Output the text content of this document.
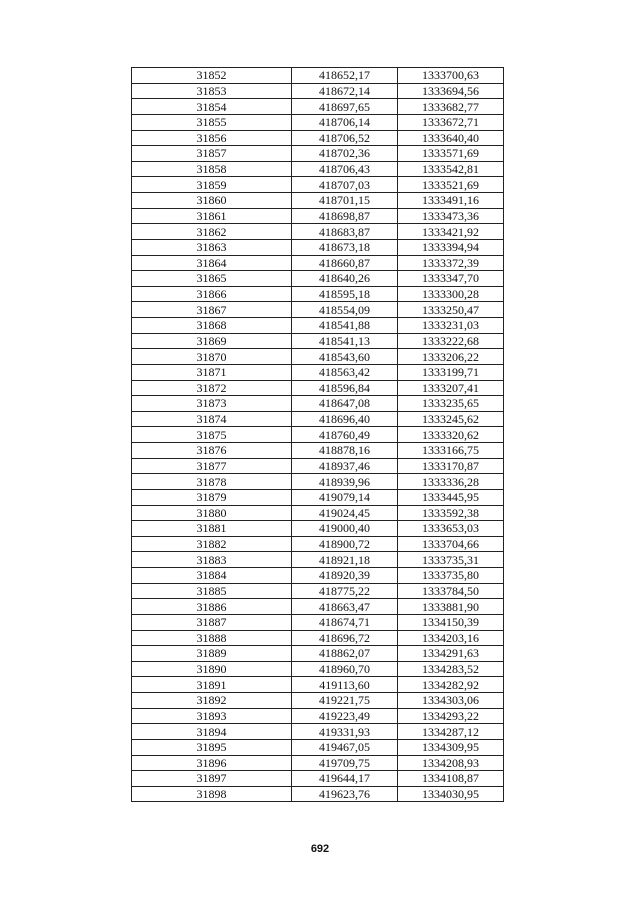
31852	418652,17	1333700,63
31853	418672,14	1333694,56
31854	418697,65	1333682,77
31855	418706,14	1333672,71
31856	418706,52	1333640,40
31857	418702,36	1333571,69
31858	418706,43	1333542,81
31859	418707,03	1333521,69
31860	418701,15	1333491,16
31861	418698,87	1333473,36
31862	418683,87	1333421,92
31863	418673,18	1333394,94
31864	418660,87	1333372,39
31865	418640,26	1333347,70
31866	418595,18	1333300,28
31867	418554,09	1333250,47
31868	418541,88	1333231,03
31869	418541,13	1333222,68
31870	418543,60	1333206,22
31871	418563,42	1333199,71
31872	418596,84	1333207,41
31873	418647,08	1333235,65
31874	418696,40	1333245,62
31875	418760,49	1333320,62
31876	418878,16	1333166,75
31877	418937,46	1333170,87
31878	418939,96	1333336,28
31879	419079,14	1333445,95
31880	419024,45	1333592,38
31881	419000,40	1333653,03
31882	418900,72	1333704,66
31883	418921,18	1333735,31
31884	418920,39	1333735,80
31885	418775,22	1333784,50
31886	418663,47	1333881,90
31887	418674,71	1334150,39
31888	418696,72	1334203,16
31889	418862,07	1334291,63
31890	418960,70	1334283,52
31891	419113,60	1334282,92
31892	419221,75	1334303,06
31893	419223,49	1334293,22
31894	419331,93	1334287,12
31895	419467,05	1334309,95
31896	419709,75	1334208,93
31897	419644,17	1334108,87
31898	419623,76	1334030,95
692
